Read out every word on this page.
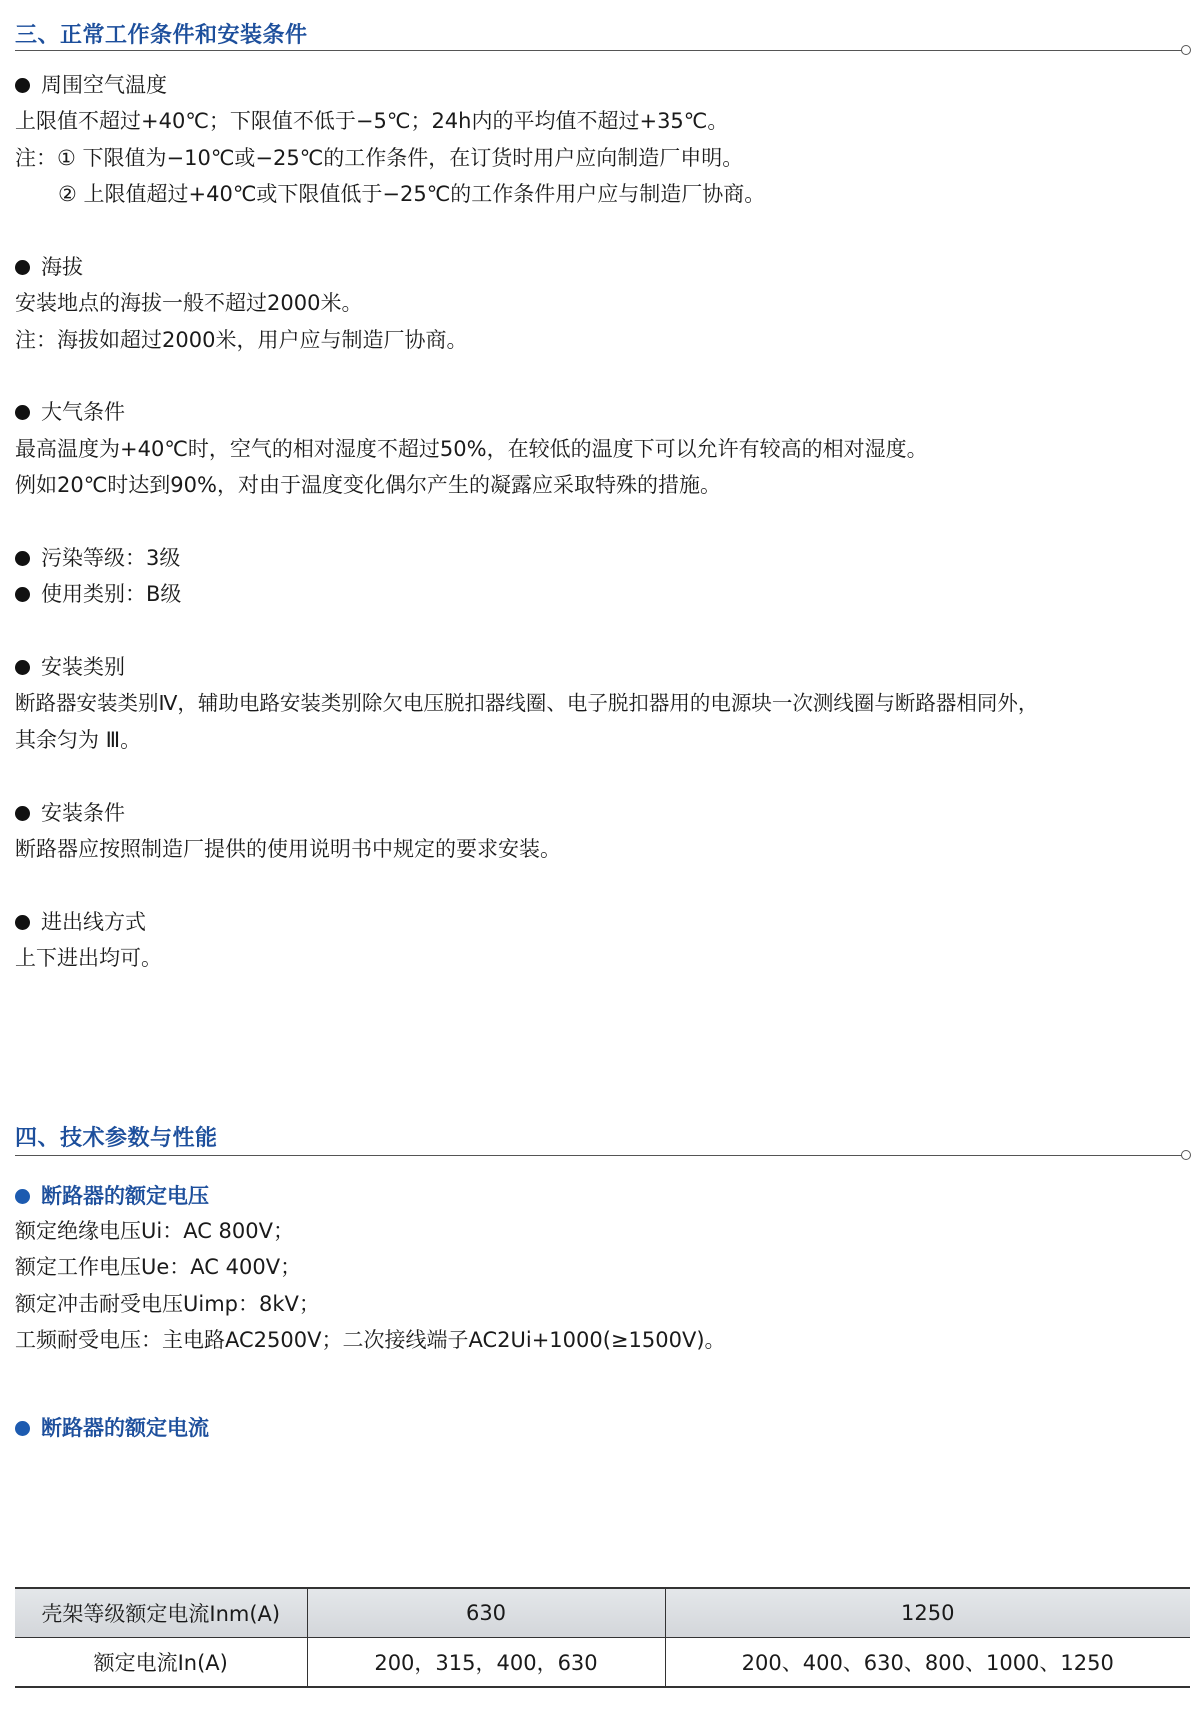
三、正常工作条件和安装条件
周围空气温度
上限值不超过+40℃；下限值不低于−5℃；24h内的平均值不超过+35℃。
注：① 下限值为−10℃或−25℃的工作条件，在订货时用户应向制造厂申明。
② 上限值超过+40℃或下限值低于−25℃的工作条件用户应与制造厂协商。
海拔
安装地点的海拔一般不超过2000米。
注：海拔如超过2000米，用户应与制造厂协商。
大气条件
最高温度为+40℃时，空气的相对湿度不超过50%，在较低的温度下可以允许有较高的相对湿度。
例如20℃时达到90%，对由于温度变化偶尔产生的凝露应采取特殊的措施。
污染等级：3级
使用类别：B级
安装类别
断路器安装类别Ⅳ，辅助电路安装类别除欠电压脱扣器线圈、电子脱扣器用的电源块一次测线圈与断路器相同外，
其余匀为 Ⅲ。
安装条件
断路器应按照制造厂提供的使用说明书中规定的要求安装。
进出线方式
上下进出均可。
四、技术参数与性能
断路器的额定电压
额定绝缘电压Ui：AC 800V；
额定工作电压Ue：AC 400V；
额定冲击耐受电压Uimp：8kV；
工频耐受电压：主电路AC2500V；二次接线端子AC2Ui+1000(≥1500V)。
断路器的额定电流
壳架等级额定电流Inm(A)	630	1250
额定电流In(A)	200，315，400，630	200、400、630、800、1000、1250
